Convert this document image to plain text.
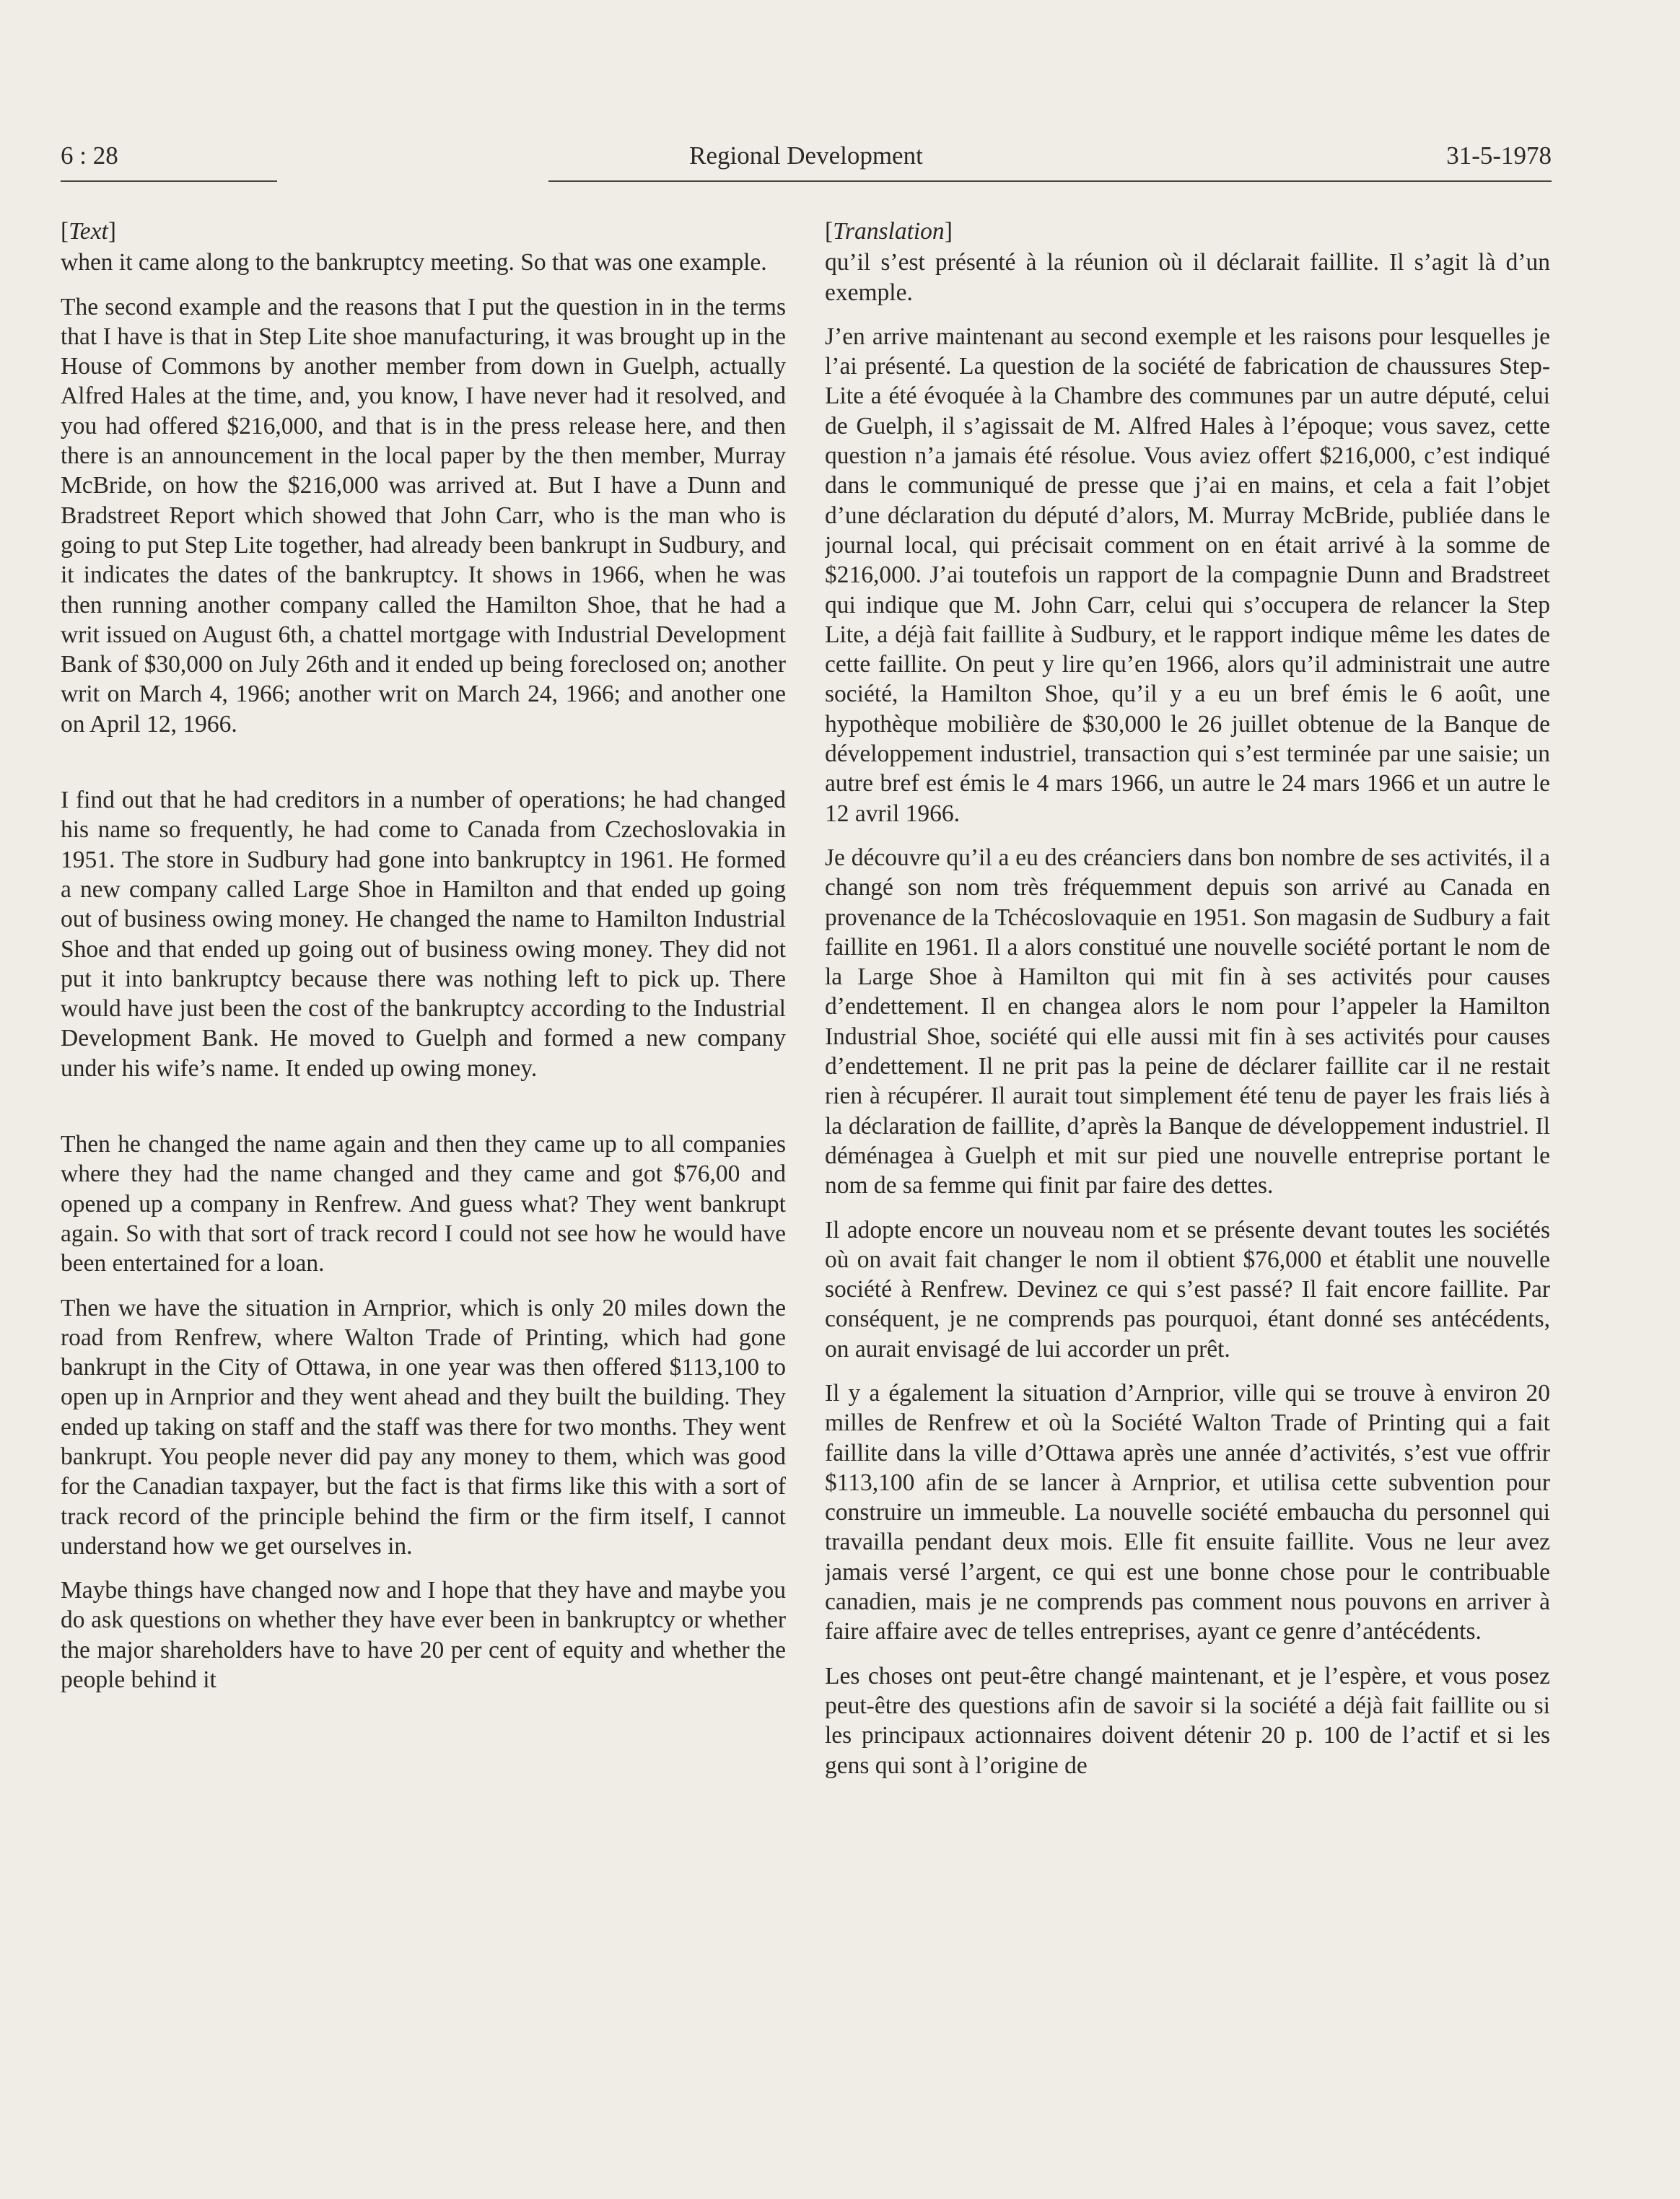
6 : 28	Regional Development	31-5-1978
[Text]

when it came along to the bankruptcy meeting. So that was one example.

The second example and the reasons that I put the question in in the terms that I have is that in Step Lite shoe manufacturing, it was brought up in the House of Commons by another member from down in Guelph, actually Alfred Hales at the time, and, you know, I have never had it resolved, and you had offered $216,000, and that is in the press release here, and then there is an announcement in the local paper by the then member, Murray McBride, on how the $216,000 was arrived at. But I have a Dunn and Bradstreet Report which showed that John Carr, who is the man who is going to put Step Lite together, had already been bankrupt in Sudbury, and it indicates the dates of the bankruptcy. It shows in 1966, when he was then running another company called the Hamilton Shoe, that he had a writ issued on August 6th, a chattel mortgage with Industrial Development Bank of $30,000 on July 26th and it ended up being foreclosed on; another writ on March 4, 1966; another writ on March 24, 1966; and another one on April 12, 1966.

I find out that he had creditors in a number of operations; he had changed his name so frequently, he had come to Canada from Czechoslovakia in 1951. The store in Sudbury had gone into bankruptcy in 1961. He formed a new company called Large Shoe in Hamilton and that ended up going out of business owing money. He changed the name to Hamilton Industrial Shoe and that ended up going out of business owing money. They did not put it into bankruptcy because there was nothing left to pick up. There would have just been the cost of the bankruptcy according to the Industrial Development Bank. He moved to Guelph and formed a new company under his wife’s name. It ended up owing money.

Then he changed the name again and then they came up to all companies where they had the name changed and they came and got $76,00 and opened up a company in Renfrew. And guess what? They went bankrupt again. So with that sort of track record I could not see how he would have been entertained for a loan.

Then we have the situation in Arnprior, which is only 20 miles down the road from Renfrew, where Walton Trade of Printing, which had gone bankrupt in the City of Ottawa, in one year was then offered $113,100 to open up in Arnprior and they went ahead and they built the building. They ended up taking on staff and the staff was there for two months. They went bankrupt. You people never did pay any money to them, which was good for the Canadian taxpayer, but the fact is that firms like this with a sort of track record of the principle behind the firm or the firm itself, I cannot understand how we get ourselves in.

Maybe things have changed now and I hope that they have and maybe you do ask questions on whether they have ever been in bankruptcy or whether the major shareholders have to have 20 per cent of equity and whether the people behind it

[Translation]

qu’il s’est présenté à la réunion où il déclarait faillite. Il s’agit là d’un exemple.

J’en arrive maintenant au second exemple et les raisons pour lesquelles je l’ai présenté. La question de la société de fabrication de chaussures Step-Lite a été évoquée à la Chambre des communes par un autre député, celui de Guelph, il s’agissait de M. Alfred Hales à l’époque; vous savez, cette question n’a jamais été résolue. Vous aviez offert $216,000, c’est indiqué dans le communiqué de presse que j’ai en mains, et cela a fait l’objet d’une déclaration du député d’alors, M. Murray McBride, publiée dans le journal local, qui précisait comment on en était arrivé à la somme de $216,000. J’ai toutefois un rapport de la compagnie Dunn and Bradstreet qui indique que M. John Carr, celui qui s’occupera de relancer la Step Lite, a déjà fait faillite à Sudbury, et le rapport indique même les dates de cette faillite. On peut y lire qu’en 1966, alors qu’il administrait une autre société, la Hamilton Shoe, qu’il y a eu un bref émis le 6 août, une hypothèque mobilière de $30,000 le 26 juillet obtenue de la Banque de développement industriel, transaction qui s’est terminée par une saisie; un autre bref est émis le 4 mars 1966, un autre le 24 mars 1966 et un autre le 12 avril 1966.

Je découvre qu’il a eu des créanciers dans bon nombre de ses activités, il a changé son nom très fréquemment depuis son arrivé au Canada en provenance de la Tchécoslovaquie en 1951. Son magasin de Sudbury a fait faillite en 1961. Il a alors constitué une nouvelle société portant le nom de la Large Shoe à Hamilton qui mit fin à ses activités pour causes d’endettement. Il en changea alors le nom pour l’appeler la Hamilton Industrial Shoe, société qui elle aussi mit fin à ses activités pour causes d’endettement. Il ne prit pas la peine de déclarer faillite car il ne restait rien à récupérer. Il aurait tout simplement été tenu de payer les frais liés à la déclaration de faillite, d’après la Banque de développement industriel. Il déménagea à Guelph et mit sur pied une nouvelle entreprise portant le nom de sa femme qui finit par faire des dettes.

Il adopte encore un nouveau nom et se présente devant toutes les sociétés où on avait fait changer le nom il obtient $76,000 et établit une nouvelle société à Renfrew. Devinez ce qui s’est passé? Il fait encore faillite. Par conséquent, je ne comprends pas pourquoi, étant donné ses antécédents, on aurait envisagé de lui accorder un prêt.

Il y a également la situation d’Arnprior, ville qui se trouve à environ 20 milles de Renfrew et où la Société Walton Trade of Printing qui a fait faillite dans la ville d’Ottawa après une année d’activités, s’est vue offrir $113,100 afin de se lancer à Arnprior, et utilisa cette subvention pour construire un immeuble. La nouvelle société embaucha du personnel qui travailla pendant deux mois. Elle fit ensuite faillite. Vous ne leur avez jamais versé l’argent, ce qui est une bonne chose pour le contribuable canadien, mais je ne comprends pas comment nous pouvons en arriver à faire affaire avec de telles entreprises, ayant ce genre d’antécédents.

Les choses ont peut-être changé maintenant, et je l’espère, et vous posez peut-être des questions afin de savoir si la société a déjà fait faillite ou si les principaux actionnaires doivent détenir 20 p. 100 de l’actif et si les gens qui sont à l’origine de
